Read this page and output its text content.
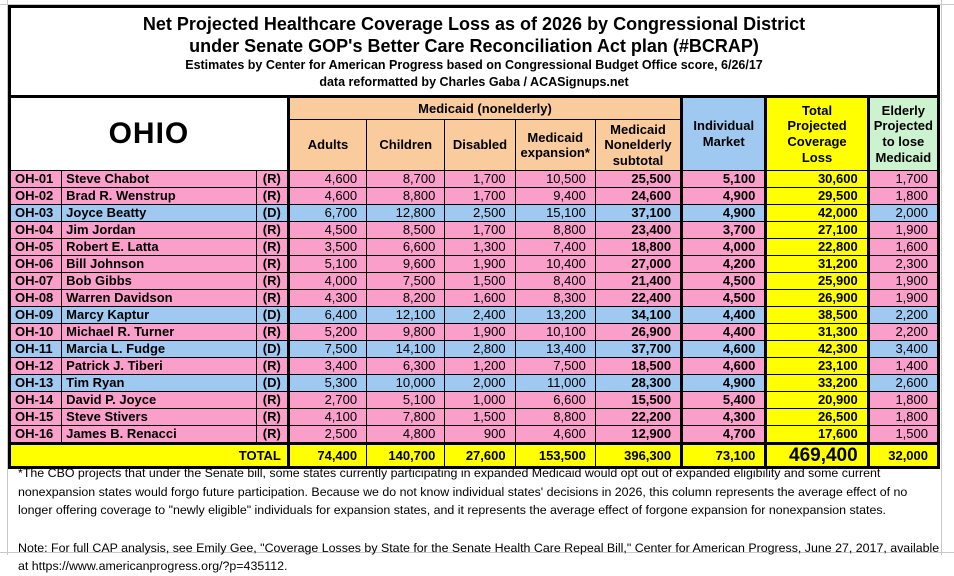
Net Projected Healthcare Coverage Loss as of 2026 by Congressional District
under Senate GOP's Better Care Reconciliation Act plan (#BCRAP)
Estimates by Center for American Progress based on Congressional Budget Office score, 6/26/17
data reformatted by Charles Gaba / ACASignups.net
OHIO			Medicaid (nonelderly)					Individual Market	Total Projected Coverage Loss	Elderly Projected to lose Medicaid
			Adults	Children	Disabled	Medicaid expansion*	Medicaid Nonelderly subtotal			
OH-01	Steve Chabot	(R)	4,600	8,700	1,700	10,500	25,500	5,100	30,600	1,700
OH-02	Brad R. Wenstrup	(R)	4,600	8,800	1,700	9,400	24,600	4,900	29,500	1,800
OH-03	Joyce Beatty	(D)	6,700	12,800	2,500	15,100	37,100	4,900	42,000	2,000
OH-04	Jim Jordan	(R)	4,500	8,500	1,700	8,800	23,400	3,700	27,100	1,900
OH-05	Robert E. Latta	(R)	3,500	6,600	1,300	7,400	18,800	4,000	22,800	1,600
OH-06	Bill Johnson	(R)	5,100	9,600	1,900	10,400	27,000	4,200	31,200	2,300
OH-07	Bob Gibbs	(R)	4,000	7,500	1,500	8,400	21,400	4,500	25,900	1,900
OH-08	Warren Davidson	(R)	4,300	8,200	1,600	8,300	22,400	4,500	26,900	1,900
OH-09	Marcy Kaptur	(D)	6,400	12,100	2,400	13,200	34,100	4,400	38,500	2,200
OH-10	Michael R. Turner	(R)	5,200	9,800	1,900	10,100	26,900	4,400	31,300	2,200
OH-11	Marcia L. Fudge	(D)	7,500	14,100	2,800	13,400	37,700	4,600	42,300	3,400
OH-12	Patrick J. Tiberi	(R)	3,400	6,300	1,200	7,500	18,500	4,600	23,100	1,400
OH-13	Tim Ryan	(D)	5,300	10,000	2,000	11,000	28,300	4,900	33,200	2,600
OH-14	David P. Joyce	(R)	2,700	5,100	1,000	6,600	15,500	5,400	20,900	1,800
OH-15	Steve Stivers	(R)	4,100	7,800	1,500	8,800	22,200	4,300	26,500	1,800
OH-16	James B. Renacci	(R)	2,500	4,800	900	4,600	12,900	4,700	17,600	1,500
TOTAL			74,400	140,700	27,600	153,500	396,300	73,100	469,400	32,000

*The CBO projects that under the Senate bill, some states currently participating in expanded Medicaid would opt out of expanded eligibility and some current nonexpansion states would forgo future participation. Because we do not know individual states' decisions in 2026, this column represents the average effect of no longer offering coverage to "newly eligible" individuals for expansion states, and it represents the average effect of forgone expansion for nonexpansion states.

Note: For full CAP analysis, see Emily Gee, "Coverage Losses by State for the Senate Health Care Repeal Bill," Center for American Progress, June 27, 2017, available at https://www.americanprogress.org/?p=435112.
